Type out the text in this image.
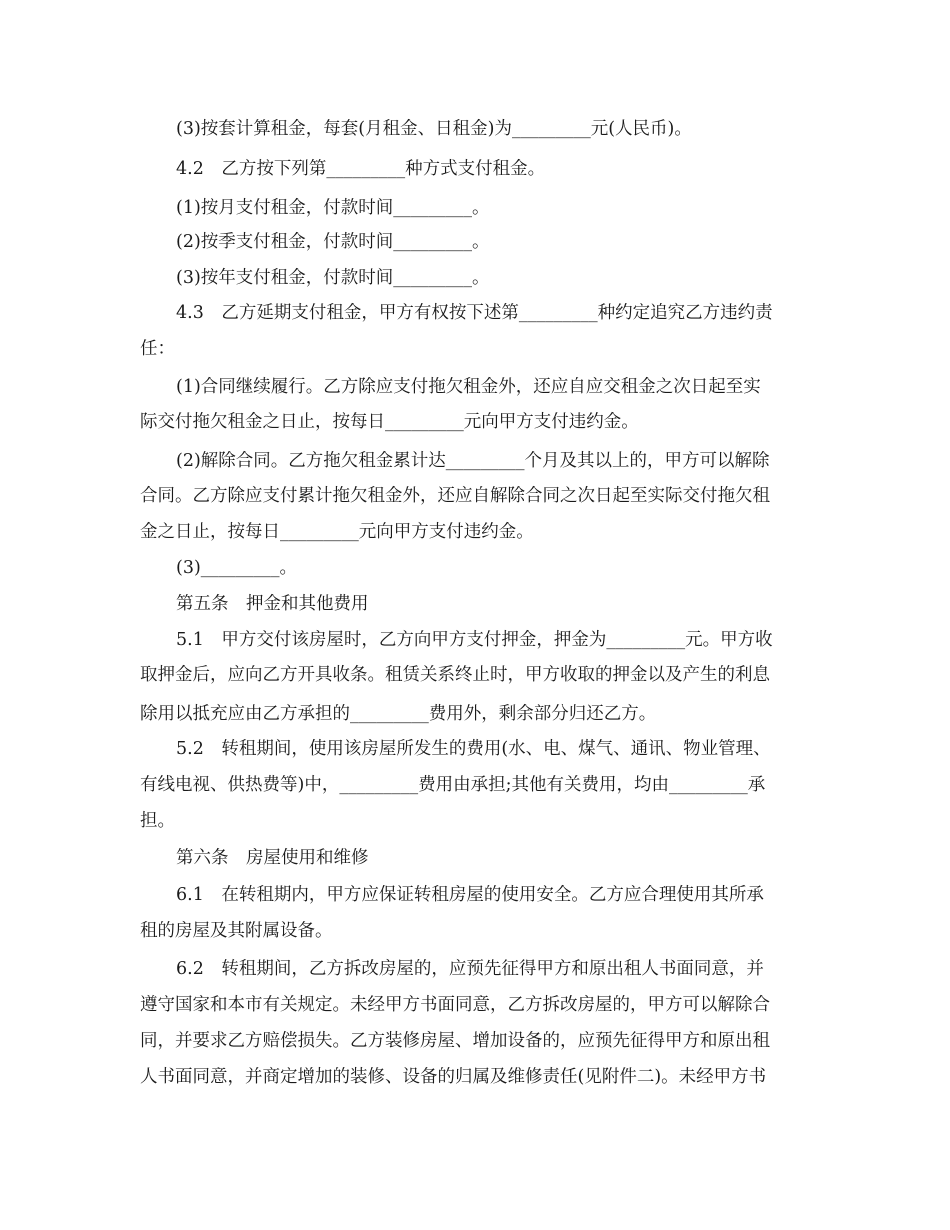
(3)按套计算租金，每套(月租金、日租金)为_________元(人民币)。
4.2　乙方按下列第_________种方式支付租金。
(1)按月支付租金，付款时间_________。
(2)按季支付租金，付款时间_________。
(3)按年支付租金，付款时间_________。
4.3　乙方延期支付租金，甲方有权按下述第_________种约定追究乙方违约责
任：
(1)合同继续履行。乙方除应支付拖欠租金外，还应自应交租金之次日起至实
际交付拖欠租金之日止，按每日_________元向甲方支付违约金。
(2)解除合同。乙方拖欠租金累计达_________个月及其以上的，甲方可以解除
合同。乙方除应支付累计拖欠租金外，还应自解除合同之次日起至实际交付拖欠租
金之日止，按每日_________元向甲方支付违约金。
(3)_________。
第五条　押金和其他费用
5.1　甲方交付该房屋时，乙方向甲方支付押金，押金为_________元。甲方收
取押金后，应向乙方开具收条。租赁关系终止时，甲方收取的押金以及产生的利息
除用以抵充应由乙方承担的_________费用外，剩余部分归还乙方。
5.2　转租期间，使用该房屋所发生的费用(水、电、煤气、通讯、物业管理、
有线电视、供热费等)中，_________费用由承担;其他有关费用，均由_________承
担。
第六条　房屋使用和维修
6.1　在转租期内，甲方应保证转租房屋的使用安全。乙方应合理使用其所承
租的房屋及其附属设备。
6.2　转租期间，乙方拆改房屋的，应预先征得甲方和原出租人书面同意，并
遵守国家和本市有关规定。未经甲方书面同意，乙方拆改房屋的，甲方可以解除合
同，并要求乙方赔偿损失。乙方装修房屋、增加设备的，应预先征得甲方和原出租
人书面同意，并商定增加的装修、设备的归属及维修责任(见附件二)。未经甲方书
